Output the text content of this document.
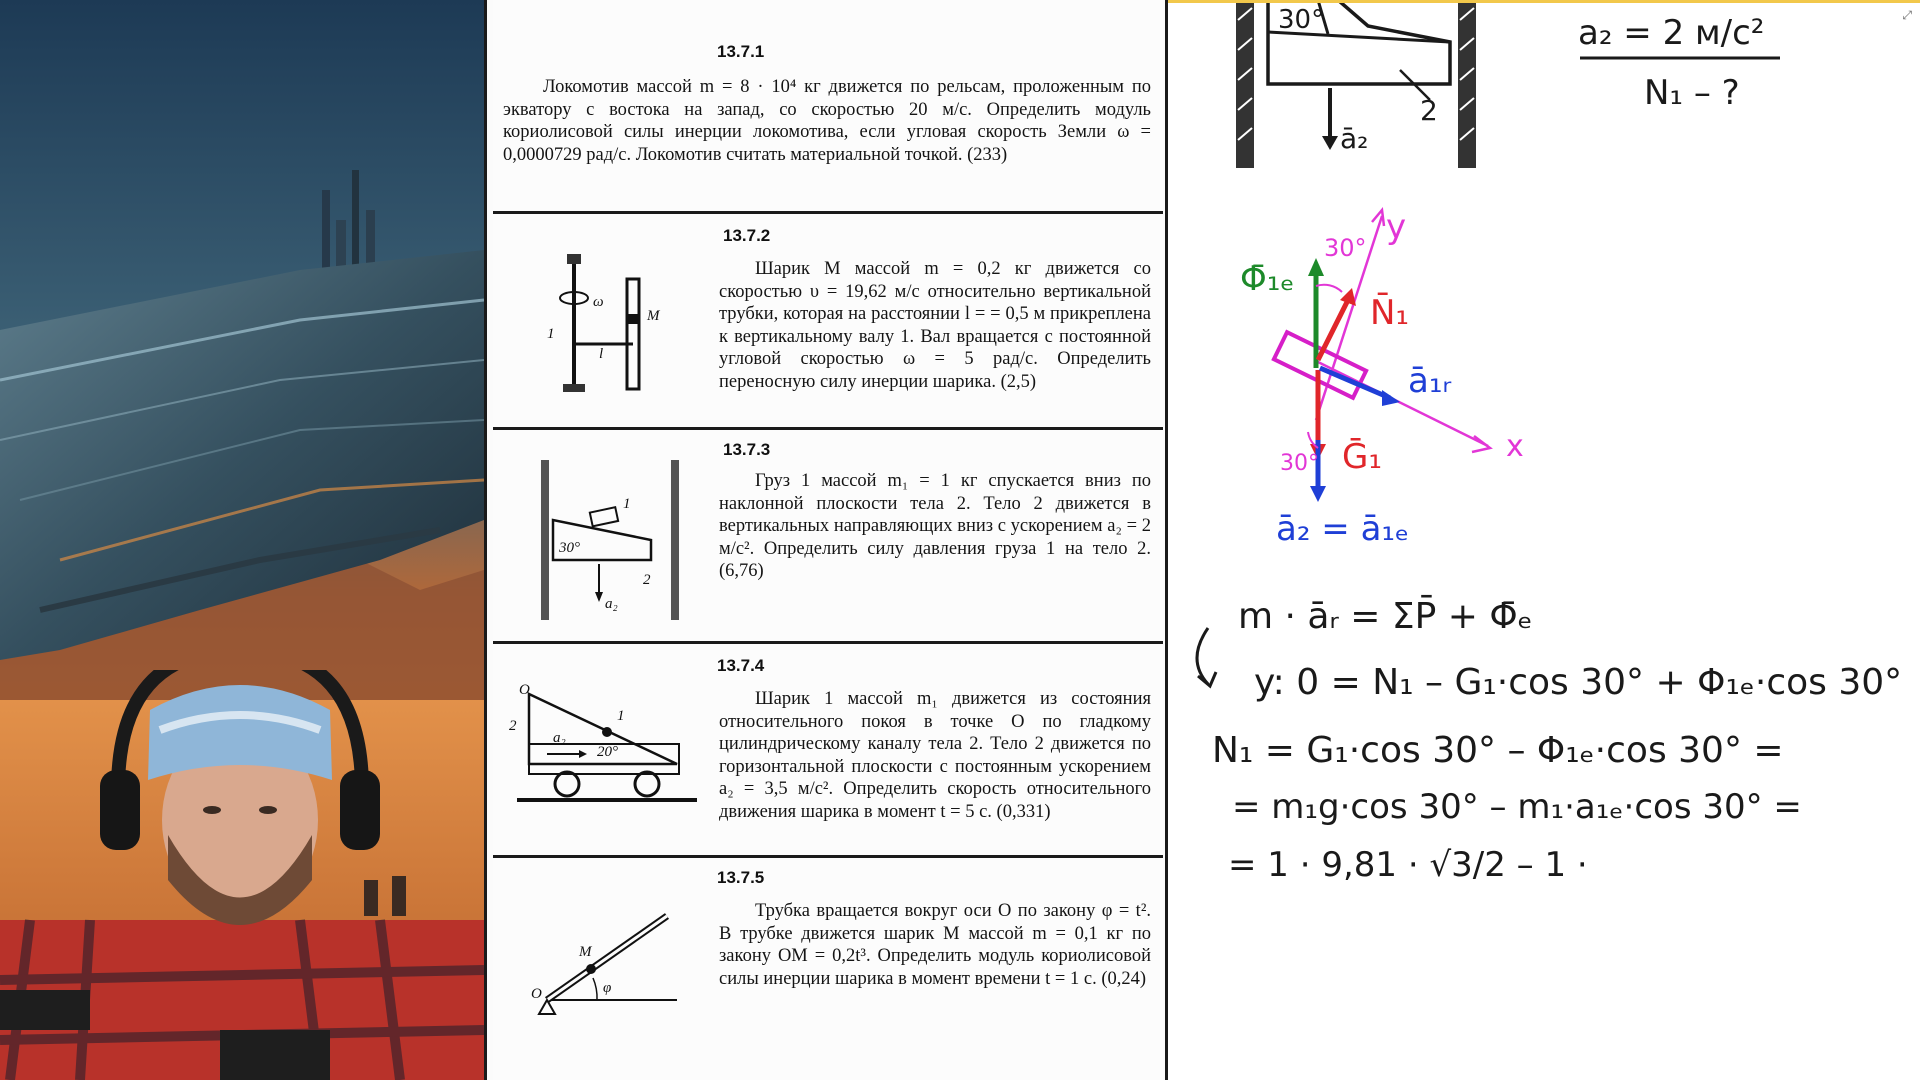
13.7.1
Локомотив массой m = 8 · 10⁴ кг движется по рельсам, проложенным по экватору с востока на запад, со скоростью 20 м/с. Определить модуль кориолисовой силы инерции локомотива, если угловая скорость Земли ω = 0,0000729 рад/с. Локомотив считать материальной точкой. (233)
13.7.2
Шарик M массой m = 0,2 кг движется со скоростью υ = 19,62 м/с относительно вертикальной трубки, которая на расстоянии l = = 0,5 м прикреплена к вертикальному валу 1. Вал вращается с постоянной угловой скоростью ω = 5 рад/с. Определить переносную силу инерции шарика. (2,5)
ω
1
M
l
13.7.3
Груз 1 массой m₁ = 1 кг спускается вниз по наклонной плоскости тела 2. Тело 2 движется в вертикальных направляющих вниз с ускорением a₂ = 2 м/с². Определить силу давления груза 1 на тело 2. (6,76)
30°
1
2
a₂
13.7.4
Шарик 1 массой m₁ движется из состояния относительного покоя в точке O по гладкому цилиндрическому каналу тела 2. Тело 2 движется по горизонтальной плоскости с постоянным ускорением a₂ = 3,5 м/с². Определить скорость относительного движения шарика в момент t = 5 с. (0,331)
O
1
2
a₂
20°
13.7.5
Трубка вращается вокруг оси O по закону φ = t². В трубке движется шарик M массой m = 0,1 кг по закону OM = 0,2t³. Определить модуль кориолисовой силы инерции шарика в момент времени t = 1 с. (0,24)
M
O	φ
⤢
30°
2
ā₂
a₂ = 2 м/с²
N₁ – ?
y
x
Φ̄₁ₑ
N̄₁
Ḡ₁
ā₁ᵣ
ā₂ = ā₁ₑ
30°
30°
m · āᵣ = ΣP̄ + Φ̄ₑ
y: 0 = N₁ – G₁·cos 30° + Φ₁ₑ·cos 30°
N₁ = G₁·cos 30° – Φ₁ₑ·cos 30° =
= m₁g·cos 30° – m₁·a₁ₑ·cos 30° =
= 1 · 9,81 · √3/2 – 1 ·
